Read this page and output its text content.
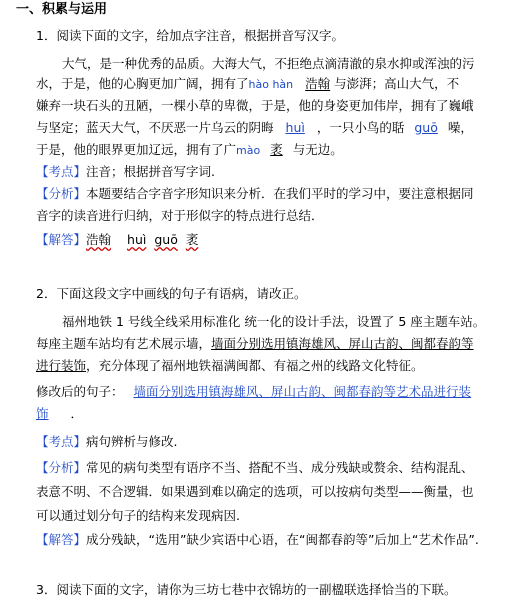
一、积累与运用
1．阅读下面的文字，给加点字注音，根据拼音写汉字。
大气，是一种优秀的品质。大海大气，不拒绝点滴清澈的泉水抑或浑浊的污
水，于是，他的心胸更加广阔，拥有了hào hàn 浩翰 与澎湃；高山大气，不
嫌弃一块石头的丑陋，一棵小草的卑微，于是，他的身姿更加伟岸，拥有了巍峨
与坚定；蓝天大气，不厌恶一片乌云的阴晦 huì ，一只小鸟的聒 guō 噪，
于是，他的眼界更加辽远，拥有了广mào 袤 与无边。
【考点】注音；根据拼音写字词.
【分析】本题要结合字音字形知识来分析．在我们平时的学习中，要注意根据同
音字的读音进行归纳，对于形似字的特点进行总结．
【解答】浩翰 huì guō 袤
2．下面这段文字中画线的句子有语病，请改正。
福州地铁 1 号线全线采用标准化 统一化的设计手法，设置了 5 座主题车站。
每座主题车站均有艺术展示墙，墙面分别选用镇海雄风、屏山古韵、闽都春韵等
进行装饰，充分体现了福州地铁福满闽都、有福之州的线路文化特征。
修改后的句子： 墙面分别选用镇海雄风、屏山古韵、闽都春韵等艺术品进行装
饰 ．
【考点】病句辨析与修改.
【分析】常见的病句类型有语序不当、搭配不当、成分残缺或赘余、结构混乱、
表意不明、不合逻辑．如果遇到难以确定的选项，可以按病句类型——衡量，也
可以通过划分句子的结构来发现病因.
【解答】成分残缺，“选用”缺少宾语中心语，在“闽都春韵等”后加上“艺术作品”.
3．阅读下面的文字，请你为三坊七巷中衣锦坊的一副楹联选择恰当的下联。
